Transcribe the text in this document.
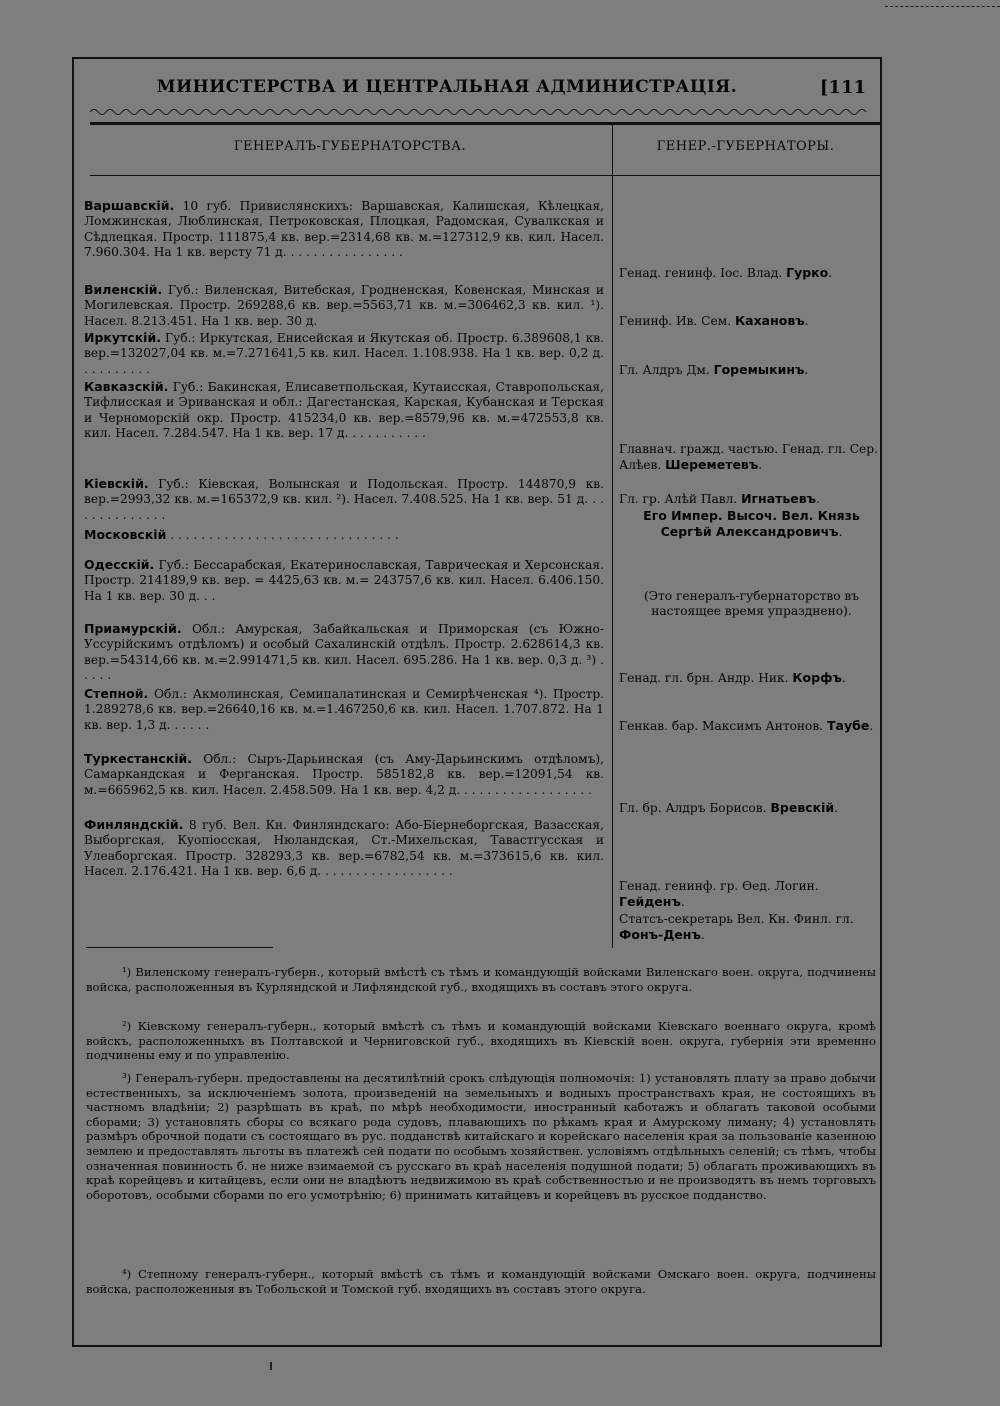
МИНИСТЕРСТВА И ЦЕНТРАЛЬНАЯ АДМИНИСТРАЦІЯ.	[111
ГЕНЕРАЛЪ-ГУБЕРНАТОРСТВА.	ГЕНЕР.-ГУБЕРНАТОРЫ.
Варшавскій. 10 губ. Привислянскихъ: Варшавская, Калишская, Кѣлецкая, Ломжинская, Люблинская, Петроковская, Плоцкая, Радомская, Сувалкская и Сѣдлецкая. Простр. 111875,4 кв. вер.=2314,68 кв. м.=127312,9 кв. кил. Насел. 7.960.304. На 1 кв. версту 71 д. . . . . . . . . . . . . . . .
Виленскій. Губ.: Виленская, Витебская, Гродненская, Ковенская, Минская и Могилевская. Простр. 269288,6 кв. вер.=5563,71 кв. м.=306462,3 кв. кил. ¹). Насел. 8.213.451. На 1 кв. вер. 30 д.
Иркутскій. Губ.: Иркутская, Енисейская и Якутская об. Простр. 6.389608,1 кв. вер.=132027,04 кв. м.=7.271641,5 кв. кил. Насел. 1.108.938. На 1 кв. вер. 0,2 д. . . . . . . . . .
Кавказскій. Губ.: Бакинская, Елисаветпольская, Кутаисская, Ставропольская, Тифлисская и Эриванская и обл.: Дагестанская, Карская, Кубанская и Терская и Черноморскій окр. Простр. 415234,0 кв. вер.=8579,96 кв. м.=472553,8 кв. кил. Насел. 7.284.547. На 1 кв. вер. 17 д. . . . . . . . . . .
Кіевскій. Губ.: Кіевская, Волынская и Подольская. Простр. 144870,9 кв. вер.=2993,32 кв. м.=165372,9 кв. кил. ²). Насел. 7.408.525. На 1 кв. вер. 51 д. . . . . . . . . . . . . .
Московскій . . . . . . . . . . . . . . . . . . . . . . . . . . . . . .
Одесскій. Губ.: Бессарабская, Екатеринославская, Таврическая и Херсонская. Простр. 214189,9 кв. вер. = 4425,63 кв. м.= 243757,6 кв. кил. Насел. 6.406.150. На 1 кв. вер. 30 д. . .
Приамурскій. Обл.: Амурская, Забайкальская и Приморская (съ Южно-Уссурійскимъ отдѣломъ) и особый Сахалинскій отдѣлъ. Простр. 2.628614,3 кв. вер.=54314,66 кв. м.=2.991471,5 кв. кил. Насел. 695.286. На 1 кв. вер. 0,3 д. ³) . . . . .
Степной. Обл.: Акмолинская, Семипалатинская и Семирѣченская ⁴). Простр. 1.289278,6 кв. вер.=26640,16 кв. м.=1.467250,6 кв. кил. Насел. 1.707.872. На 1 кв. вер. 1,3 д. . . . . .
Туркестанскій. Обл.: Сыръ-Дарьинская (съ Аму-Дарьинскимъ отдѣломъ), Самаркандская и Ферганская. Простр. 585182,8 кв. вер.=12091,54 кв. м.=665962,5 кв. кил. Насел. 2.458.509. На 1 кв. вер. 4,2 д. . . . . . . . . . . . . . . . . .
Финляндскій. 8 губ. Вел. Кн. Финляндскаго: Або-Біернеборгская, Вазасская, Выборгская, Куопіосская, Нюландская, Ст.-Михельская, Тавастгусская и Улеаборгская. Простр. 328293,3 кв. вер.=6782,54 кв. м.=373615,6 кв. кил. Насел. 2.176.421. На 1 кв. вер. 6,6 д. . . . . . . . . . . . . . . . . .
Генад. генинф. Іос. Влад. Гурко.
Генинф. Ив. Сем. Кахановъ.
Гл. Алдръ Дм. Горемыкинъ.
Главнач. гражд. частью. Генад. гл. Сер. Алѣев. Шереметевъ.
Гл. гр. Алѣй Павл. Игнатьевъ.
Его Импер. Высоч. Вел. Князь Сергѣй Александровичъ.
(Это генералъ-губернаторство въ настоящее время упразднено).
Генад. гл. брн. Андр. Ник. Корфъ.
Генкав. бар. Максимъ Антонов. Таубе.
Гл. бр. Алдръ Борисов. Вревскій.
Генад. генинф. гр. Ѳед. Логин. Гейденъ.
Статсъ-секретарь Вел. Кн. Финл. гл. Фонъ-Денъ.
¹) Виленскому генералъ-губерн., который вмѣстѣ съ тѣмъ и командующій войсками Виленскаго воен. округа, подчинены войска, расположенныя въ Курляндской и Лифляндской губ., входящихъ въ составъ этого округа.
²) Кіевскому генералъ-губерн., который вмѣстѣ съ тѣмъ и командующій войсками Кіевскаго военнаго округа, кромѣ войскъ, расположенныхъ въ Полтавской и Черниговской губ., входящихъ въ Кіевскій воен. округа, губернія эти временно подчинены ему и по управленію.
³) Генералъ-губерн. предоставлены на десятилѣтній срокъ слѣдующія полномочія: 1) установлять плату за право добычи естественныхъ, за исключеніемъ золота, произведеній на земельныхъ и водныхъ пространствахъ края, не состоящихъ въ частномъ владѣніи; 2) разрѣшать въ краѣ, по мѣрѣ необходимости, иностранный каботажъ и облагать таковой особыми сборами; 3) установлять сборы со всякаго рода судовъ, плавающихъ по рѣкамъ края и Амурскому лиману; 4) установлять размѣръ оброчной подати съ состоящаго въ рус. подданствѣ китайскаго и корейскаго населенія края за пользованіе казенною землею и предоставлять льготы въ платежѣ сей подати по особымъ хозяйствен. условіямъ отдѣльныхъ селеній; съ тѣмъ, чтобы означенная повинность б. не ниже взимаемой съ русскаго въ краѣ населенія подушной подати; 5) облагать проживающихъ въ краѣ корейцевъ и китайцевъ, если они не владѣютъ недвижимою въ краѣ собственностью и не производятъ въ немъ торговыхъ оборотовъ, особыми сборами по его усмотрѣнію; 6) принимать китайцевъ и корейцевъ въ русское подданство.
⁴) Степному генералъ-губерн., который вмѣстѣ съ тѣмъ и командующій войсками Омскаго воен. округа, подчинены войска, расположенныя въ Тобольской и Томской губ. входящихъ въ составъ этого округа.
